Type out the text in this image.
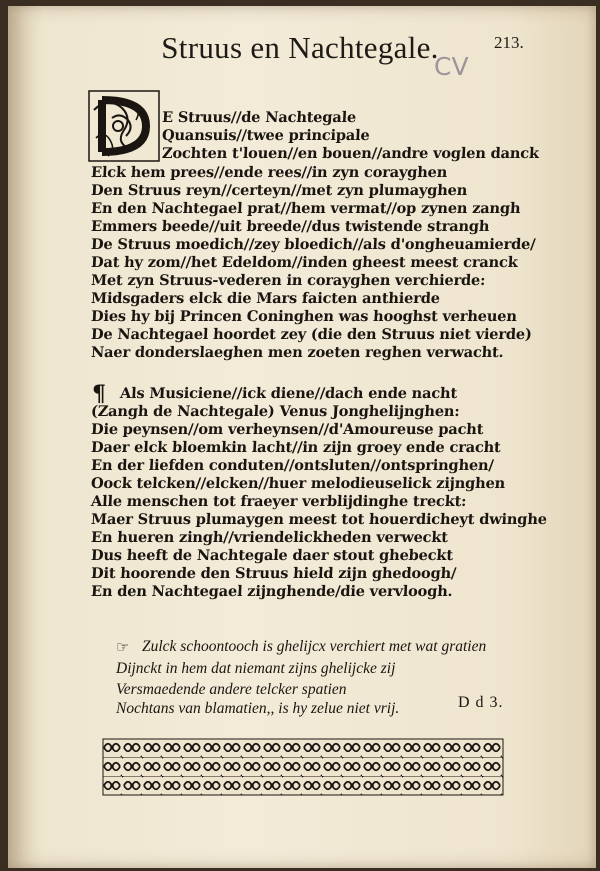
Struus en Nachtegale.	213.
CV
E Struus//de Nachtegale
Quansuis//twee principale
Zochten t'louen//en bouen//andre voglen danck
Elck hem prees//ende rees//in zyn corayghen
Den Struus reyn//certeyn//met zyn plumayghen
En den Nachtegael prat//hem vermat//op zynen zangh
Emmers beede//uit breede//dus twistende strangh
De Struus moedich//zey bloedich//als d'ongheuamierde/
Dat hy zom//het Edeldom//inden gheest meest cranck
Met zyn Struus-vederen in corayghen verchierde:
Midsgaders elck die Mars faicten anthierde
Dies hy bij Princen Coninghen was hooghst verheuen
De Nachtegael hoordet zey (die den Struus niet vierde)
Naer donderslaeghen men zoeten reghen verwacht.
¶ Als Musiciene//ick diene//dach ende nacht
(Zangh de Nachtegale) Venus Jonghelijnghen:
Die peynsen//om verheynsen//d'Amoureuse pacht
Daer elck bloemkin lacht//in zijn groey ende cracht
En der liefden conduten//ontsluten//ontspringhen/
Oock telcken//elcken//huer melodieuselick zijnghen
Alle menschen tot fraeyer verblijdinghe treckt:
Maer Struus plumaygen meest tot houerdicheyt dwinghe
En hueren zingh//vriendelickheden verweckt
Dus heeft de Nachtegale daer stout ghebeckt
Dit hoorende den Struus hield zijn ghedoogh/
En den Nachtegael zijnghende/die vervloogh.
☞ Zulck schoontooch is ghelijcx verchiert met wat gratien
Dijnckt in hem dat niemant zijns ghelijcke zij
Versmaedende andere telcker spatien
Nochtans van blamatien,, is hy zelue niet vrij.	D d 3.
